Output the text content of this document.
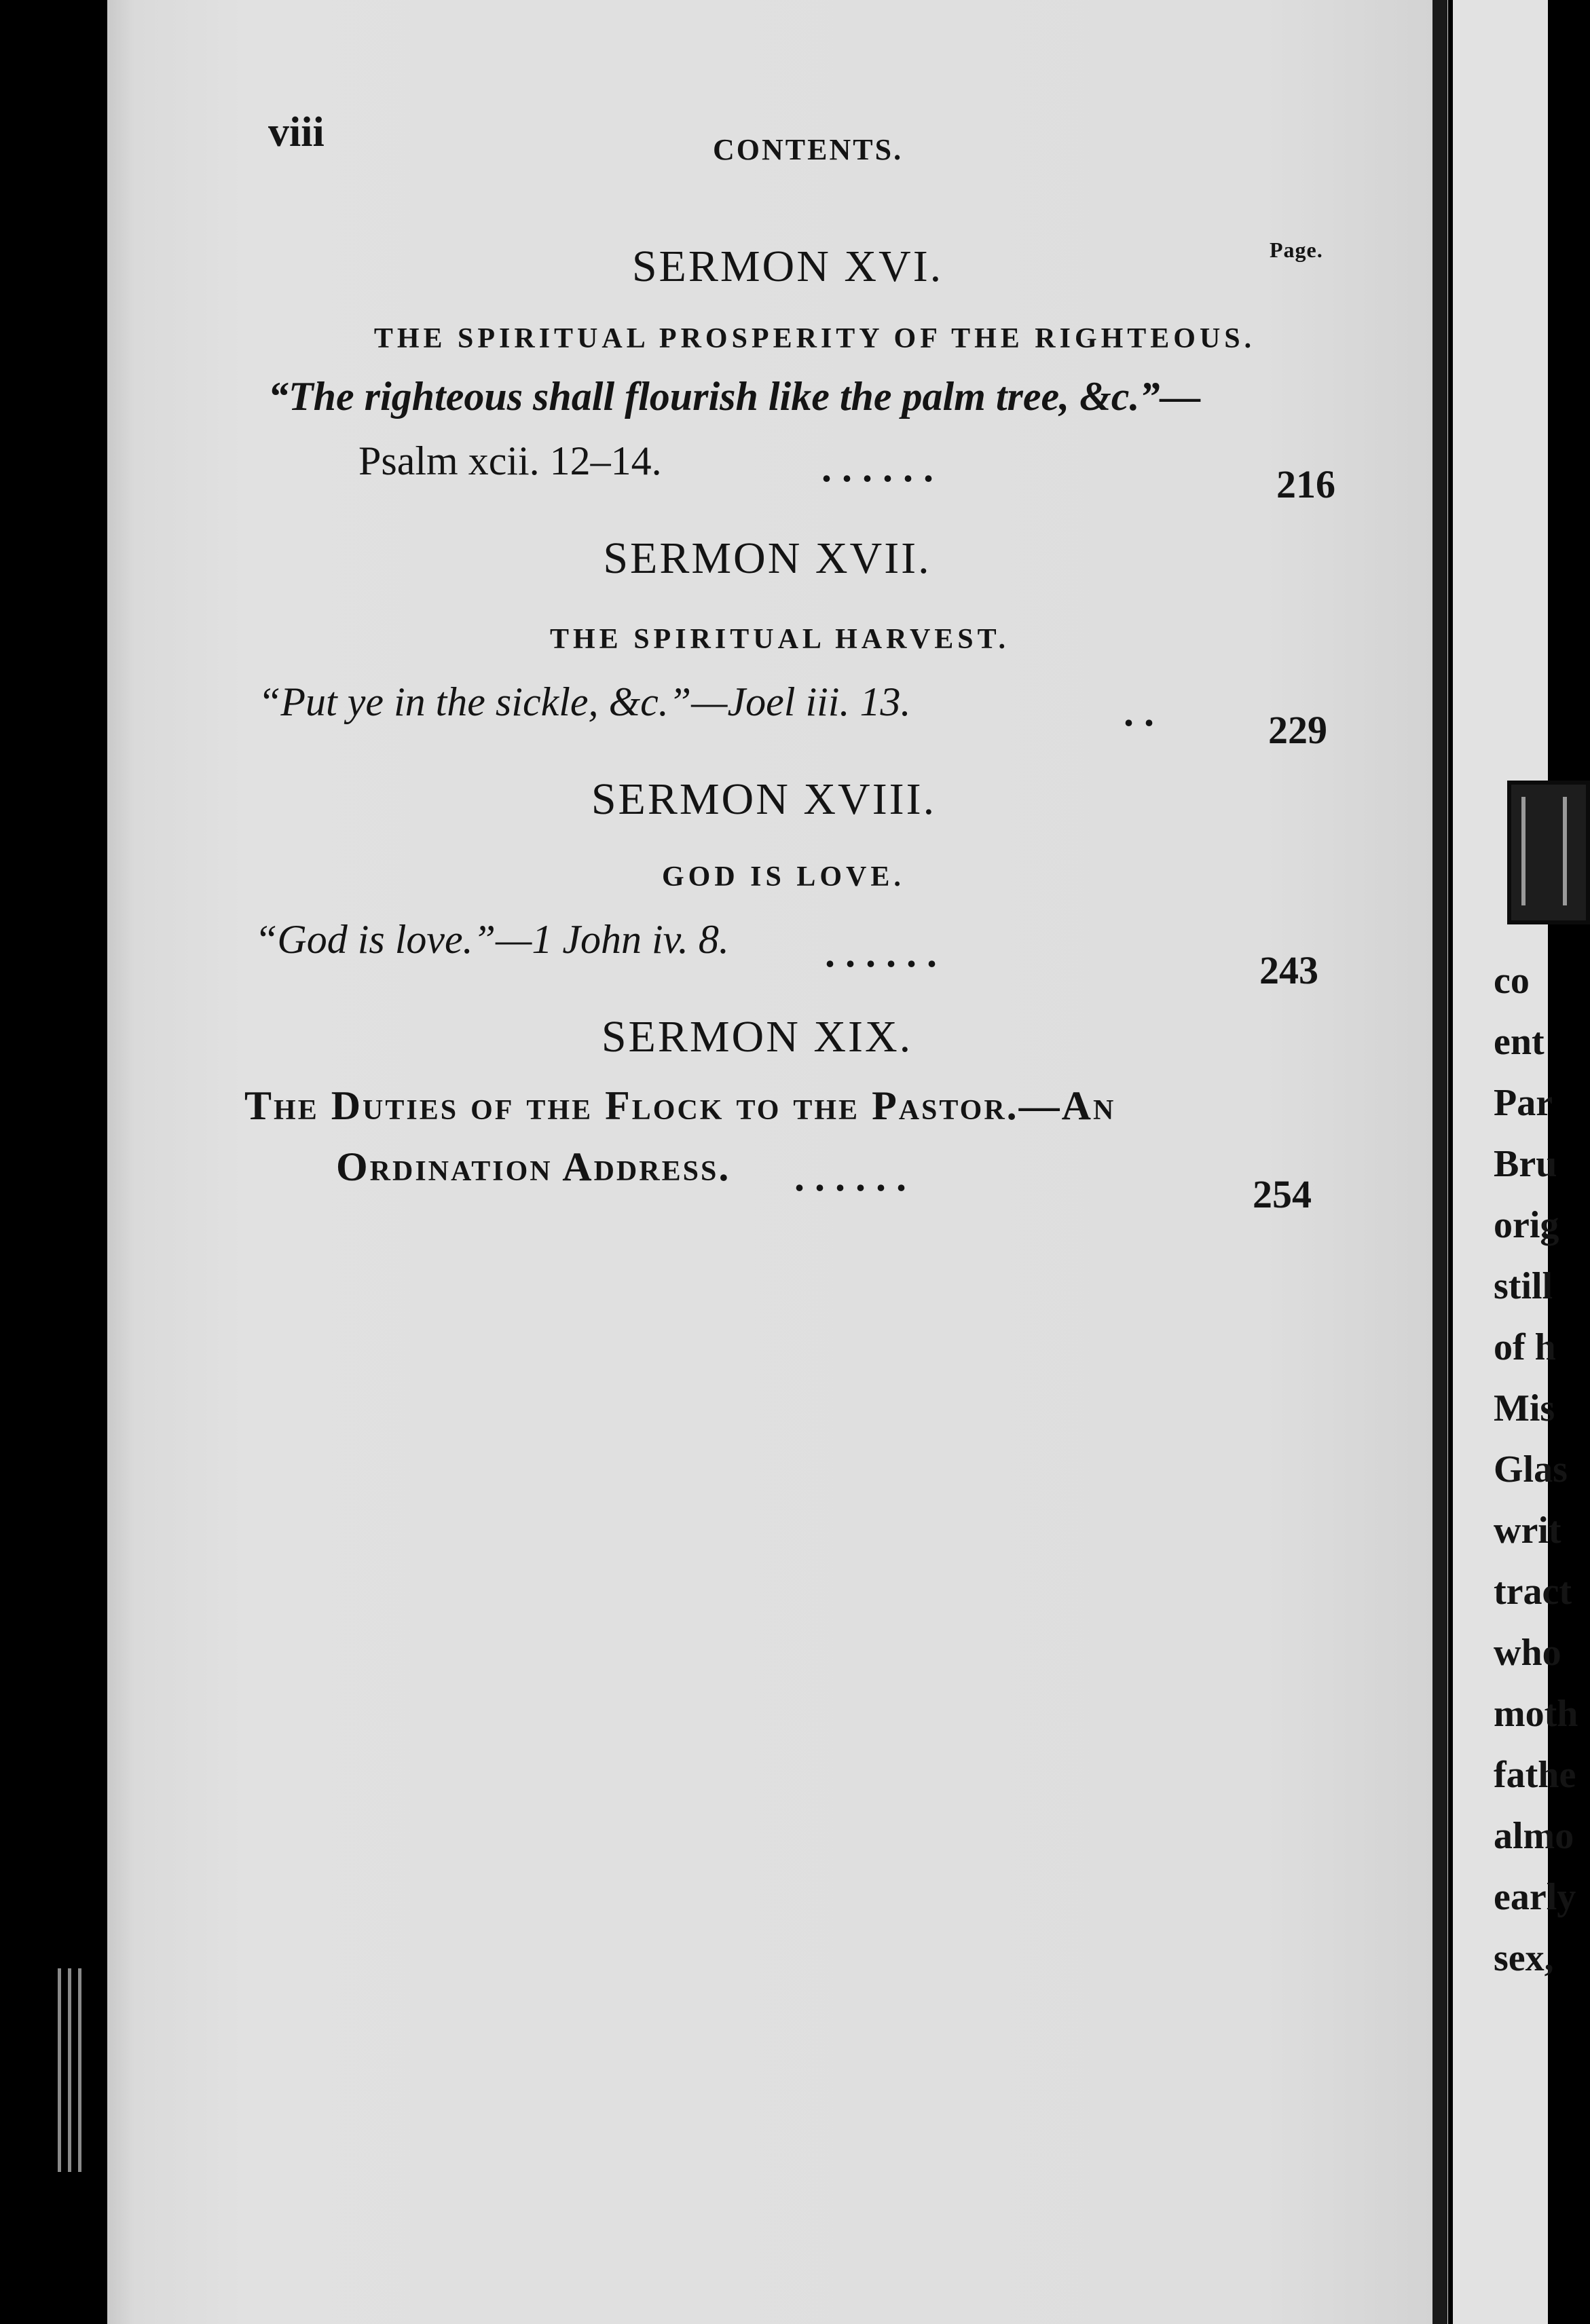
viii	CONTENTS.
Page.
SERMON XVI.
THE SPIRITUAL PROSPERITY OF THE RIGHTEOUS.
“The righteous shall flourish like the palm tree, &c.”—
Psalm xcii. 12–14.	. . . . . .	216
SERMON XVII.
THE SPIRITUAL HARVEST.
“Put ye in the sickle, &c.”—Joel iii. 13.	. .	229
SERMON XVIII.
GOD IS LOVE.
“God is love.”—1 John iv. 8. . . . . . .	243
SERMON XIX.
The Duties of the Flock to the Pastor.—An
Ordination Address. . . . . . .	254
co
ent
Par
Bru
orig
still
of h
Mis
Glas
writ
tract
who
moth
fathe
almo
early
sex,
